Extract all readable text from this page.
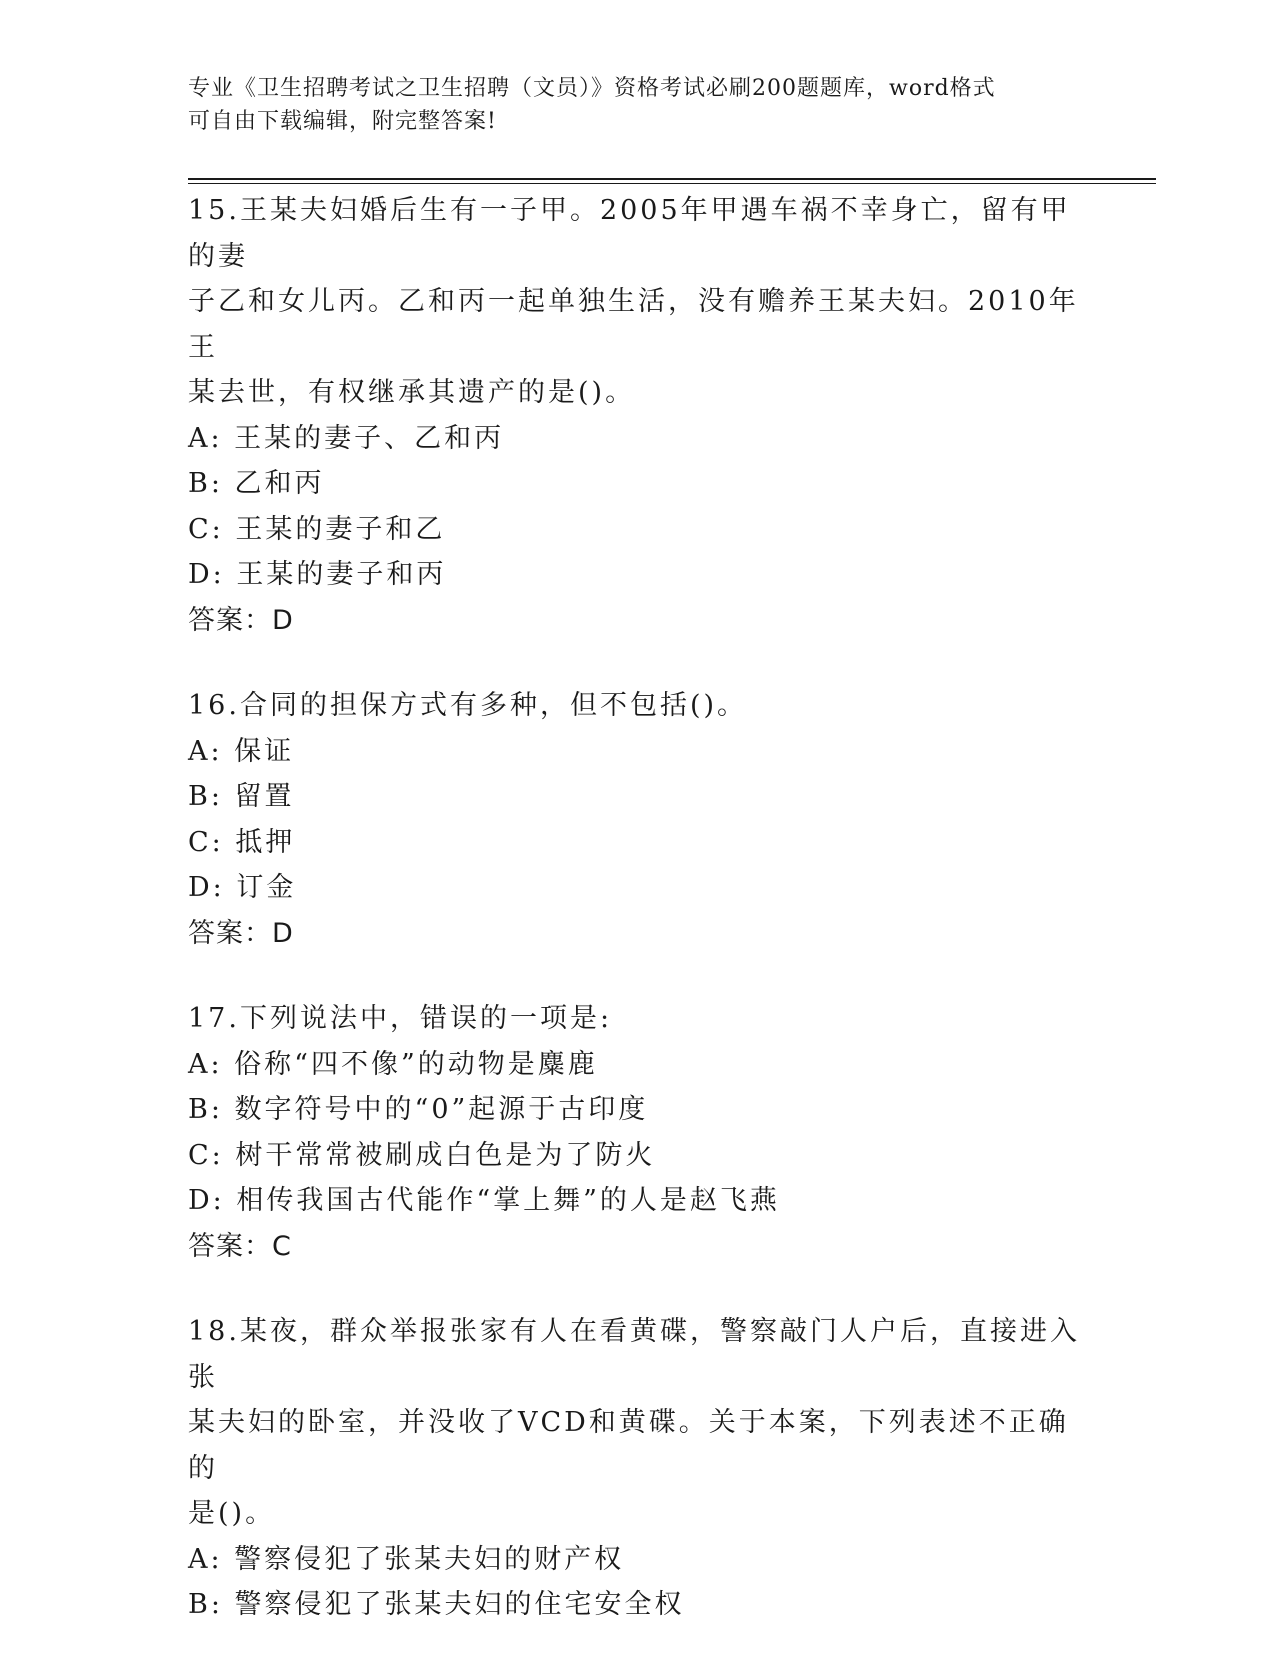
专业《卫生招聘考试之卫生招聘（文员）》资格考试必刷200题题库，word格式
可自由下载编辑，附完整答案!

15.王某夫妇婚后生有一子甲。2005年甲遇车祸不幸身亡，留有甲的妻

子乙和女儿丙。乙和丙一起单独生活，没有赡养王某夫妇。2010年王

某去世，有权继承其遗产的是()。

A: 王某的妻子、乙和丙

B: 乙和丙

C: 王某的妻子和乙

D: 王某的妻子和丙

答案：D

16.合同的担保方式有多种，但不包括()。

A: 保证

B: 留置

C: 抵押

D: 订金

答案：D

17.下列说法中，错误的一项是:

A: 俗称“四不像”的动物是麋鹿

B: 数字符号中的“0”起源于古印度

C: 树干常常被刷成白色是为了防火

D: 相传我国古代能作“掌上舞”的人是赵飞燕

答案：C

18.某夜，群众举报张家有人在看黄碟，警察敲门人户后，直接进入张

某夫妇的卧室，并没收了VCD和黄碟。关于本案，下列表述不正确的

是()。

A: 警察侵犯了张某夫妇的财产权

B: 警察侵犯了张某夫妇的住宅安全权
